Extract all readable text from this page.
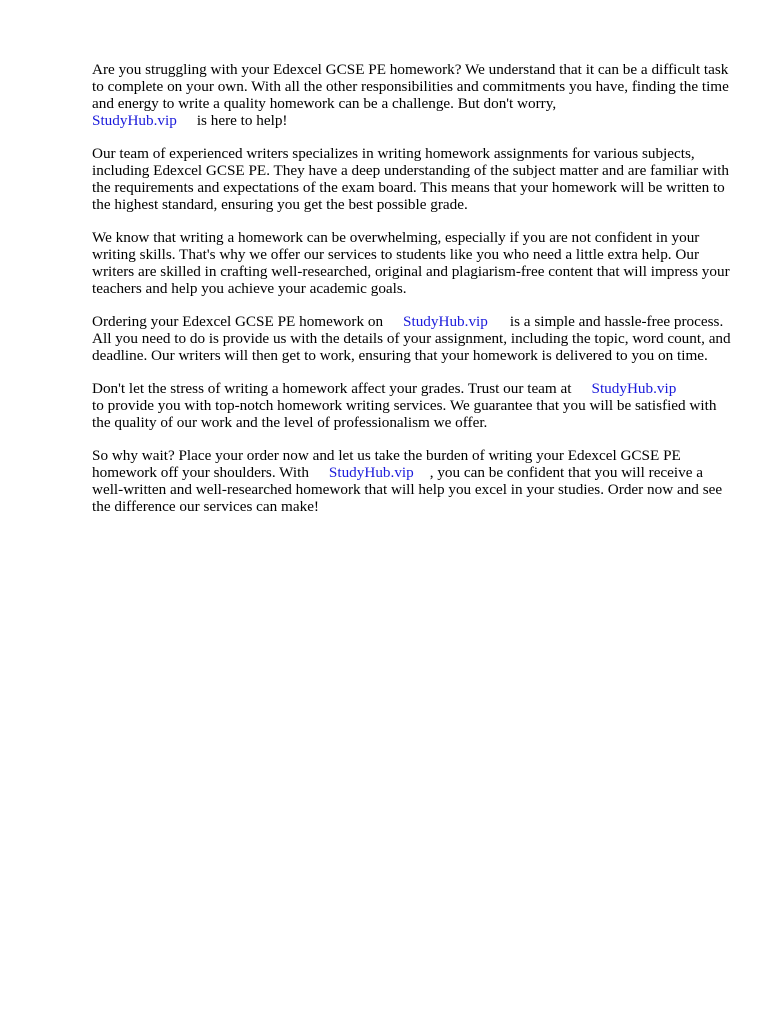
Are you struggling with your Edexcel GCSE PE homework? We understand that it can be a difficult task to complete on your own. With all the other responsibilities and commitments you have, finding the time and energy to write a quality homework can be a challenge. But don't worry,
StudyHub.vip is here to help!

Our team of experienced writers specializes in writing homework assignments for various subjects, including Edexcel GCSE PE. They have a deep understanding of the subject matter and are familiar with the requirements and expectations of the exam board. This means that your homework will be written to the highest standard, ensuring you get the best possible grade.

We know that writing a homework can be overwhelming, especially if you are not confident in your writing skills. That's why we offer our services to students like you who need a little extra help. Our writers are skilled in crafting well-researched, original and plagiarism-free content that will impress your teachers and help you achieve your academic goals.

Ordering your Edexcel GCSE PE homework on StudyHub.vip is a simple and hassle-free process. All you need to do is provide us with the details of your assignment, including the topic, word count, and deadline. Our writers will then get to work, ensuring that your homework is delivered to you on time.

Don't let the stress of writing a homework affect your grades. Trust our team at StudyHub.vip
to provide you with top-notch homework writing services. We guarantee that you will be satisfied with the quality of our work and the level of professionalism we offer.

So why wait? Place your order now and let us take the burden of writing your Edexcel GCSE PE homework off your shoulders. With StudyHub.vip , you can be confident that you will receive a well-written and well-researched homework that will help you excel in your studies. Order now and see the difference our services can make!
